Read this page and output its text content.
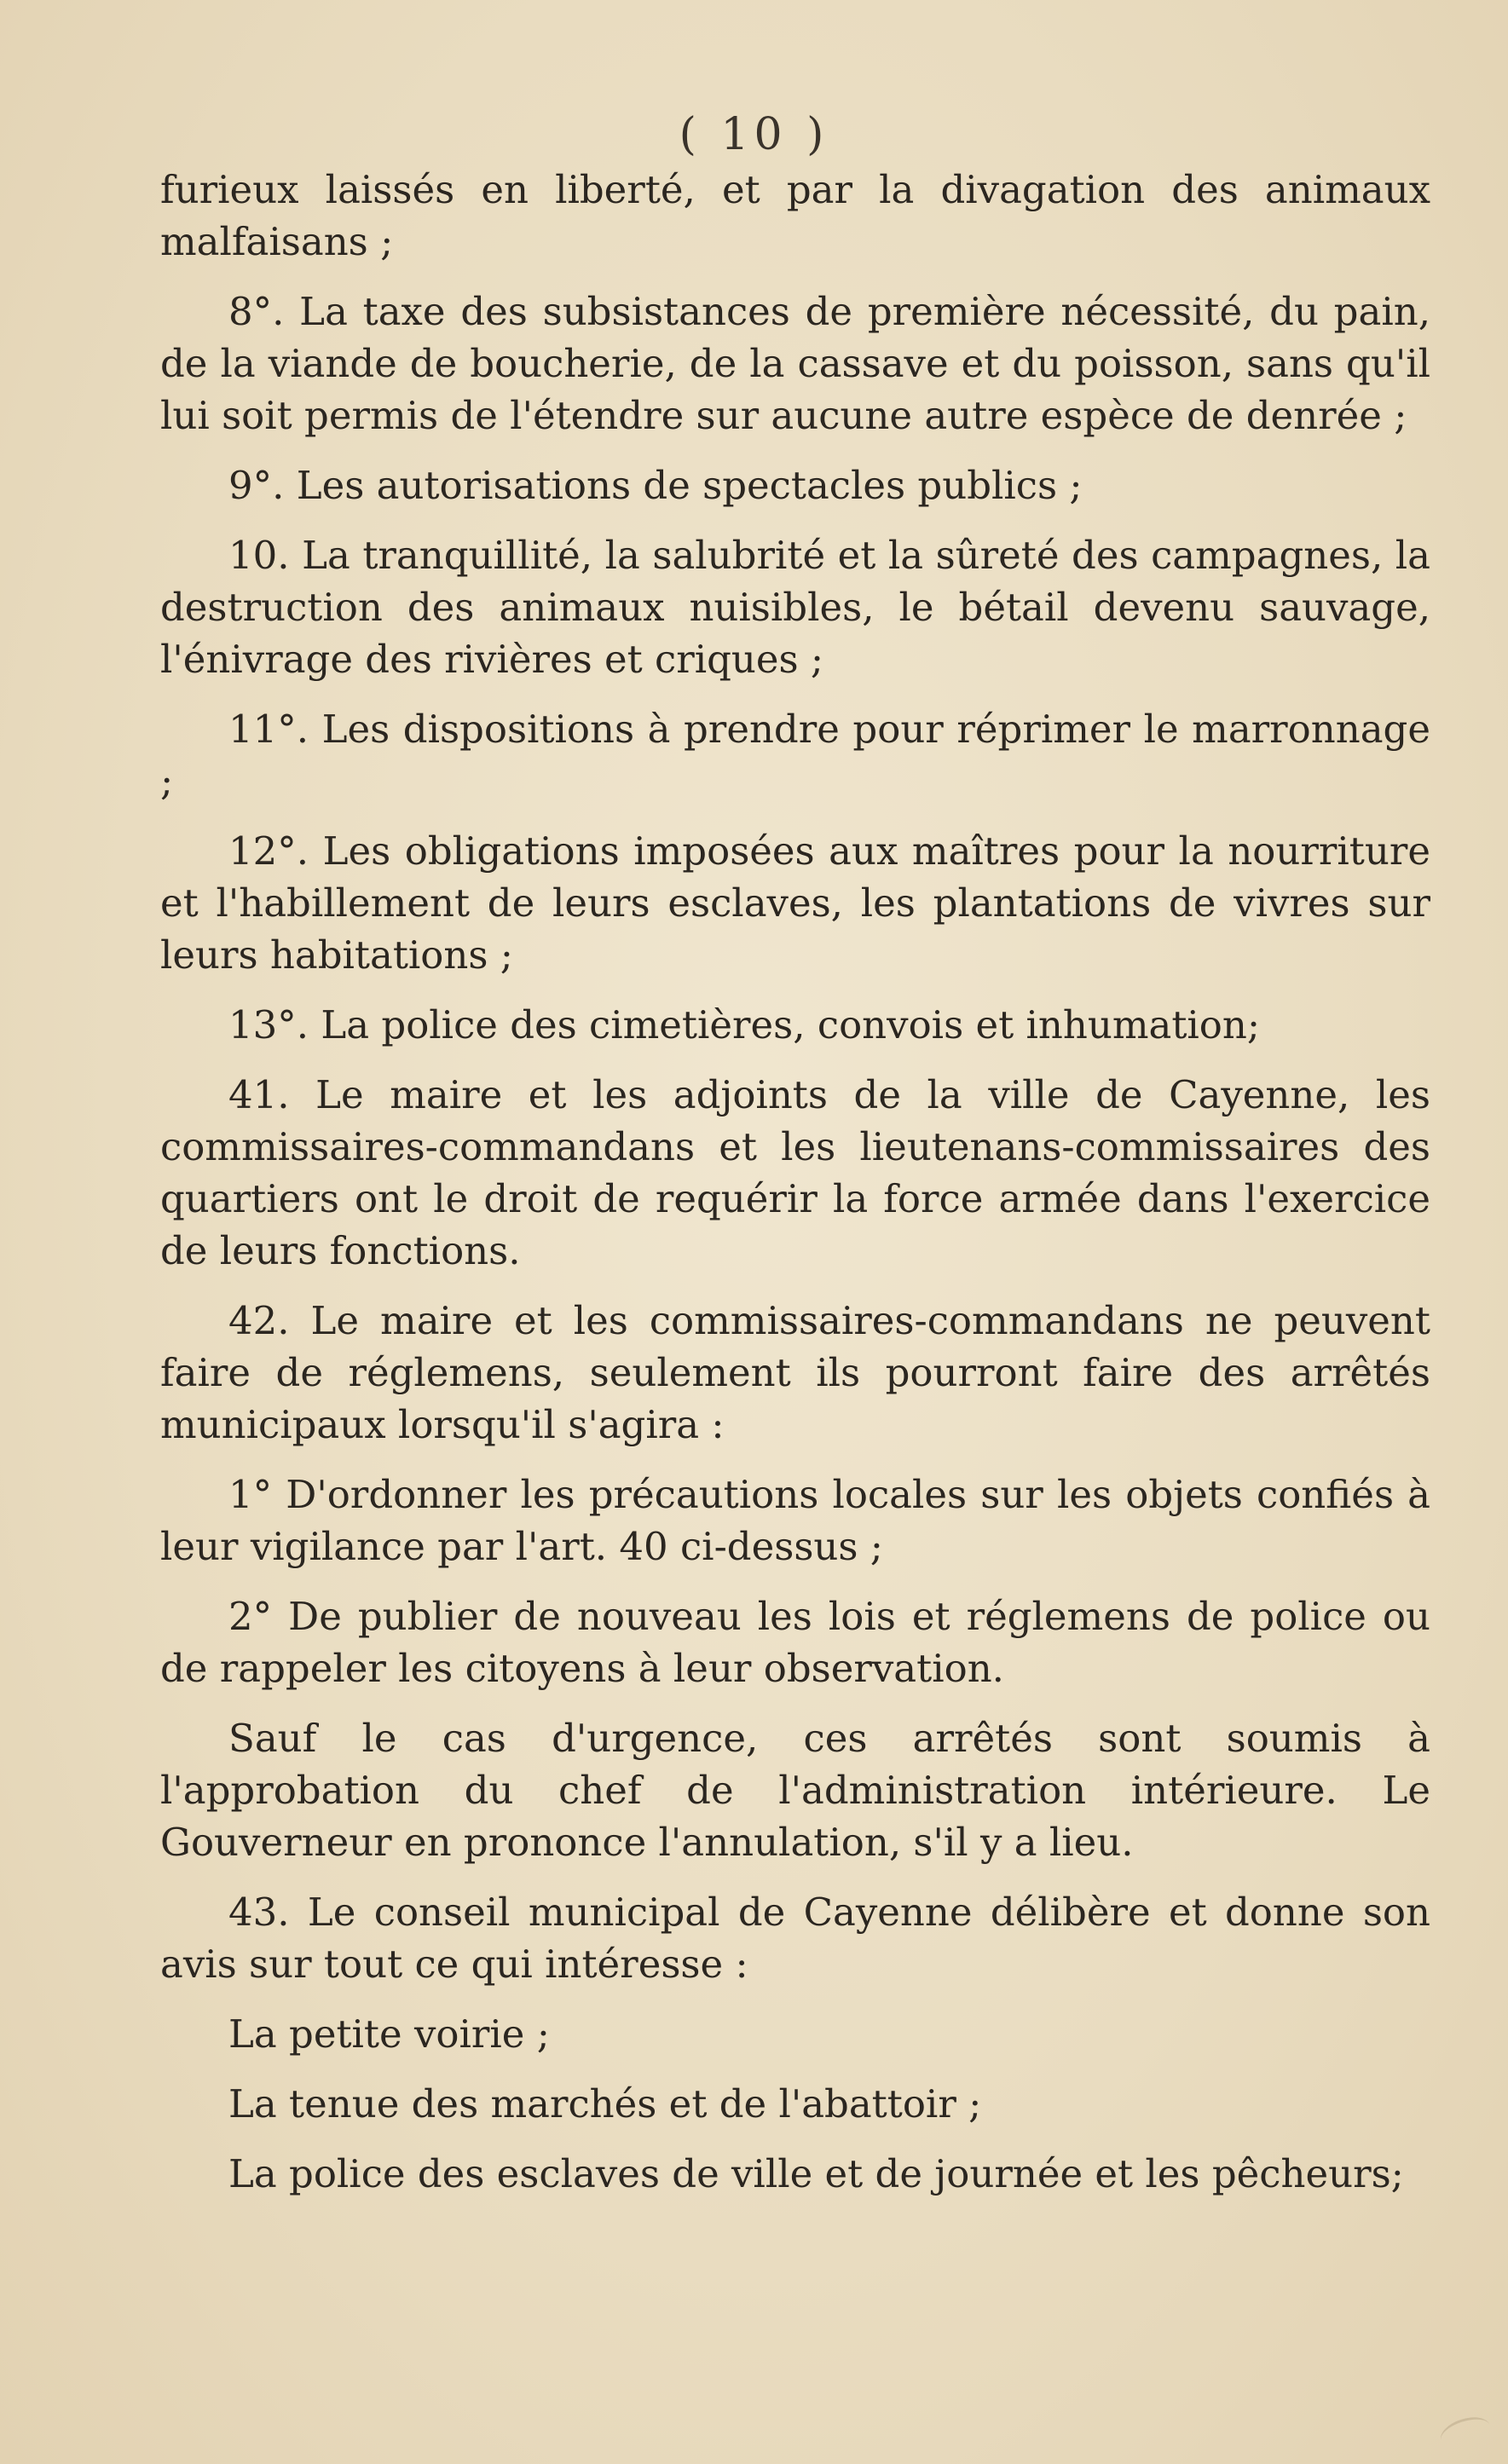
( 10 )

furieux laissés en liberté, et par la divagation des animaux malfaisans ;

8°. La taxe des subsistances de première nécessité, du pain, de la viande de boucherie, de la cassave et du poisson, sans qu'il lui soit permis de l'étendre sur aucune autre espèce de denrée ;

9°. Les autorisations de spectacles publics ;

10. La tranquillité, la salubrité et la sûreté des campagnes, la destruction des animaux nuisibles, le bétail devenu sauvage, l'énivrage des rivières et criques ;

11°. Les dispositions à prendre pour réprimer le marronnage ;

12°. Les obligations imposées aux maîtres pour la nourriture et l'habillement de leurs esclaves, les plantations de vivres sur leurs habitations ;

13°. La police des cimetières, convois et inhumation;

41. Le maire et les adjoints de la ville de Cayenne, les commissaires-commandans et les lieutenans-commissaires des quartiers ont le droit de requérir la force armée dans l'exercice de leurs fonctions.

42. Le maire et les commissaires-commandans ne peuvent faire de réglemens, seulement ils pourront faire des arrêtés municipaux lorsqu'il s'agira :

1° D'ordonner les précautions locales sur les objets confiés à leur vigilance par l'art. 40 ci-dessus ;

2° De publier de nouveau les lois et réglemens de police ou de rappeler les citoyens à leur observation.

Sauf le cas d'urgence, ces arrêtés sont soumis à l'approbation du chef de l'administration intérieure. Le Gouverneur en prononce l'annulation, s'il y a lieu.

43. Le conseil municipal de Cayenne délibère et donne son avis sur tout ce qui intéresse :

La petite voirie ;

La tenue des marchés et de l'abattoir ;

La police des esclaves de ville et de journée et les pêcheurs;
